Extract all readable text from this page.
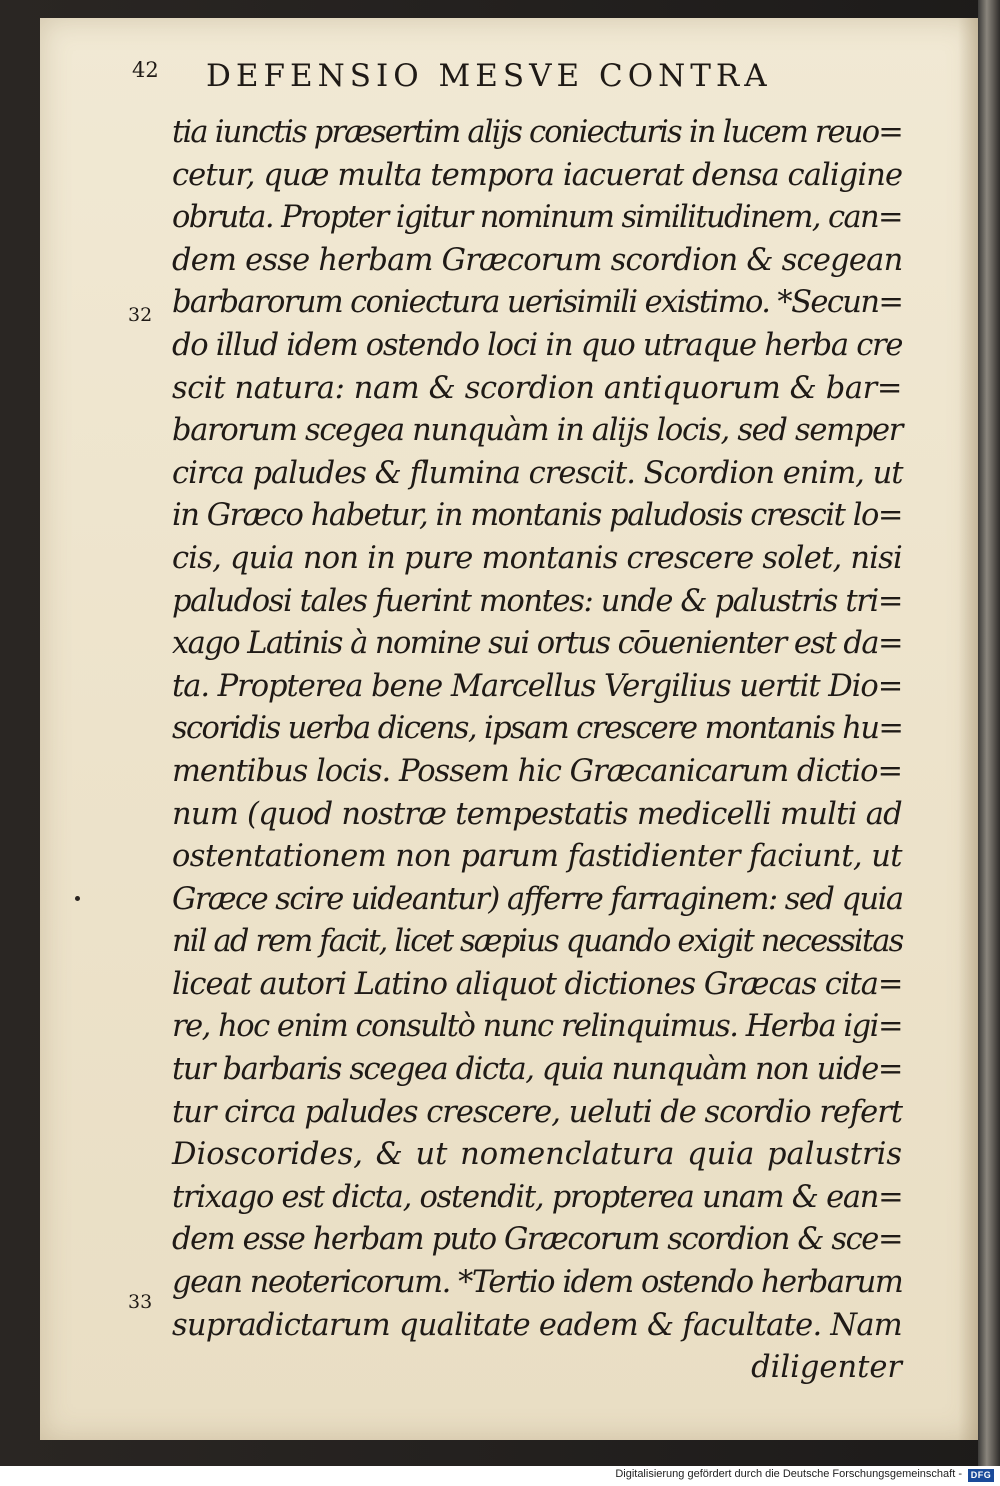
42 DEFENSIO MESVE CONTRA
32
33
tia iunctis præsertim alijs coniecturis in lucem reuo=
cetur, quæ multa tempora iacuerat densa caligine
obruta. Propter igitur nominum similitudinem, can=
dem esse herbam Græcorum scordion & scegean
barbarorum coniectura uerisimili existimo. *Secun=
do illud idem ostendo loci in quo utraque herba cre
scit natura: nam & scordion antiquorum & bar=
barorum scegea nunquàm in alijs locis, sed semper
circa paludes & flumina crescit. Scordion enim, ut
in Græco habetur, in montanis paludosis crescit lo=
cis, quia non in pure montanis crescere solet, nisi
paludosi tales fuerint montes: unde & palustris tri=
xago Latinis à nomine sui ortus cōuenienter est da=
ta. Propterea bene Marcellus Vergilius uertit Dio=
scoridis uerba dicens, ipsam crescere montanis hu=
mentibus locis. Possem hic Græcanicarum dictio=
num (quod nostræ tempestatis medicelli multi ad
ostentationem non parum fastidienter faciunt, ut
Græce scire uideantur) afferre farraginem: sed quia
nil ad rem facit, licet sæpius quando exigit necessitas
liceat autori Latino aliquot dictiones Græcas cita=
re, hoc enim consultò nunc relinquimus. Herba igi=
tur barbaris scegea dicta, quia nunquàm non uide=
tur circa paludes crescere, ueluti de scordio refert
Dioscorides, & ut nomenclatura quia palustris
trixago est dicta, ostendit, propterea unam & ean=
dem esse herbam puto Græcorum scordion & sce=
gean neotericorum. *Tertio idem ostendo herbarum
supradictarum qualitate eadem & facultate. Nam
diligenter
Digitalisierung gefördert durch die Deutsche Forschungsgemeinschaft - DFG
